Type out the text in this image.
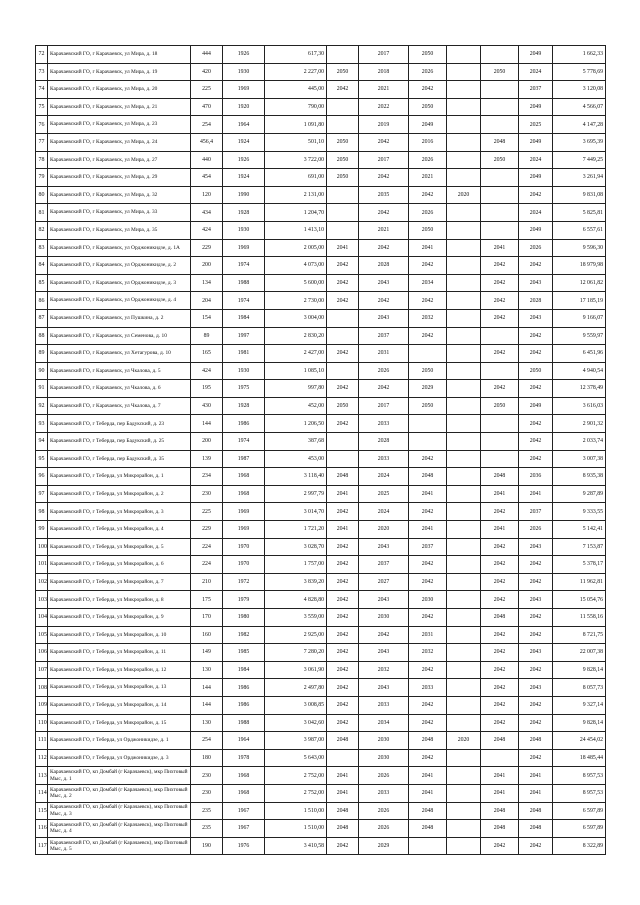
72	Карачаевский ГО, г Карачаевск, ул Мира, д. 18	444	1926	617,30		2017	2050			2049	1 662,33
73	Карачаевский ГО, г Карачаевск, ул Мира, д. 19	420	1930	2 227,00	2050	2018	2026		2050	2024	5 778,69
74	Карачаевский ГО, г Карачаевск, ул Мира, д. 20	225	1969	445,00	2042	2021	2042			2037	3 120,08
75	Карачаевский ГО, г Карачаевск, ул Мира, д. 21	470	1920	790,00		2022	2050			2049	4 566,07
76	Карачаевский ГО, г Карачаевск, ул Мира, д. 23	254	1964	1 091,80		2019	2049			2025	4 147,28
77	Карачаевский ГО, г Карачаевск, ул Мира, д. 24	456,4	1924	501,10	2050	2042	2016		2048	2049	3 695,39
78	Карачаевский ГО, г Карачаевск, ул Мира, д. 27	440	1926	3 722,00	2050	2017	2026		2050	2024	7 449,25
79	Карачаевский ГО, г Карачаевск, ул Мира, д. 29	454	1924	691,00	2050	2042	2021			2049	3 261,94
80	Карачаевский ГО, г Карачаевск, ул Мира, д. 32	120	1990	2 131,00		2035	2042	2020		2042	9 831,08
81	Карачаевский ГО, г Карачаевск, ул Мира, д. 33	434	1928	1 204,70		2042	2026			2024	5 825,81
82	Карачаевский ГО, г Карачаевск, ул Мира, д. 35	424	1930	1 413,10		2021	2050			2049	6 557,61
83	Карачаевский ГО, г Карачаевск, ул Орджоникидзе, д. 1А	229	1969	2 005,00	2041	2042	2041		2041	2026	9 596,30
84	Карачаевский ГО, г Карачаевск, ул Орджоникидзе, д. 2	200	1974	4 073,00	2042	2028	2042		2042	2042	18 979,98
85	Карачаевский ГО, г Карачаевск, ул Орджоникидзе, д. 3	134	1988	5 600,00	2042	2043	2034		2042	2043	12 061,82
86	Карачаевский ГО, г Карачаевск, ул Орджоникидзе, д. 4	204	1974	2 730,00	2042	2042	2042		2042	2028	17 185,19
87	Карачаевский ГО, г Карачаевск, ул Пушкина, д. 2	154	1984	3 004,00		2043	2032		2042	2043	9 166,07
88	Карачаевский ГО, г Карачаевск, ул Семенова, д. 10	89	1997	2 830,20		2037	2042			2042	9 559,97
89	Карачаевский ГО, г Карачаевск, ул Хетагурова, д. 10	165	1981	2 427,00	2042	2031			2042	2042	6 451,96
90	Карачаевский ГО, г Карачаевск, ул Чкалова, д. 5	424	1930	1 085,10		2026	2050			2050	4 940,54
91	Карачаевский ГО, г Карачаевск, ул Чкалова, д. 6	195	1975	997,80	2042	2042	2029		2042	2042	12 378,49
92	Карачаевский ГО, г Карачаевск, ул Чкалова, д. 7	430	1928	452,00	2050	2017	2050		2050	2049	3 616,03
93	Карачаевский ГО, г Теберда, пер Бадукский, д. 23	144	1986	1 206,50	2042	2033				2042	2 901,32
94	Карачаевский ГО, г Теберда, пер Бадукский, д. 25	200	1974	387,68		2028				2042	2 033,74
95	Карачаевский ГО, г Теберда, пер Бадукский, д. 35	139	1987	453,00		2033	2042			2042	3 007,38
96	Карачаевский ГО, г Теберда, ул Микрорайон, д. 1	234	1968	3 118,40	2048	2024	2048		2048	2036	8 935,38
97	Карачаевский ГО, г Теберда, ул Микрорайон, д. 2	230	1968	2 997,79	2041	2025	2041		2041	2041	9 287,89
98	Карачаевский ГО, г Теберда, ул Микрорайон, д. 3	225	1969	3 014,70	2042	2024	2042		2042	2037	9 333,55
99	Карачаевский ГО, г Теберда, ул Микрорайон, д. 4	229	1969	1 721,20	2041	2020	2041		2041	2026	5 142,41
100	Карачаевский ГО, г Теберда, ул Микрорайон, д. 5	224	1970	3 028,70	2042	2043	2037		2042	2043	7 153,87
101	Карачаевский ГО, г Теберда, ул Микрорайон, д. 6	224	1970	1 757,00	2042	2037	2042		2042	2042	5 378,17
102	Карачаевский ГО, г Теберда, ул Микрорайон, д. 7	210	1972	3 839,20	2042	2027	2042		2042	2042	11 962,81
103	Карачаевский ГО, г Теберда, ул Микрорайон, д. 8	175	1979	4 828,80	2042	2043	2030		2042	2043	15 054,76
104	Карачаевский ГО, г Теберда, ул Микрорайон, д. 9	170	1980	3 559,00	2042	2030	2042		2048	2042	11 558,16
105	Карачаевский ГО, г Теберда, ул Микрорайон, д. 10	160	1982	2 925,00	2042	2042	2031		2042	2042	8 721,75
106	Карачаевский ГО, г Теберда, ул Микрорайон, д. 11	149	1985	7 280,20	2042	2043	2032		2042	2043	22 007,38
107	Карачаевский ГО, г Теберда, ул Микрорайон, д. 12	130	1984	3 061,90	2042	2032	2042		2042	2042	9 828,14
108	Карачаевский ГО, г Теберда, ул Микрорайон, д. 13	144	1986	2 497,80	2042	2043	2033		2042	2043	8 057,73
109	Карачаевский ГО, г Теберда, ул Микрорайон, д. 14	144	1986	3 008,85	2042	2033	2042		2042	2042	9 327,14
110	Карачаевский ГО, г Теберда, ул Микрорайон, д. 15	130	1988	3 042,60	2042	2034	2042		2042	2042	9 828,14
111	Карачаевский ГО, г Теберда, ул Орджоникидзе, д. 1	254	1964	3 987,00	2048	2030	2048	2020	2048	2048	24 454,02
112	Карачаевский ГО, г Теберда, ул Орджоникидзе, д. 3	180	1978	5 643,00		2030	2042			2042	18 485,44
113	Карачаевский ГО, кп Домбай (г Карачаевск), мкр Пихтовый Мыс, д. 1	230	1968	2 752,00	2041	2026	2041		2041	2041	8 957,53
114	Карачаевский ГО, кп Домбай (г Карачаевск), мкр Пихтовый Мыс, д. 2	230	1968	2 752,00	2041	2033	2041		2041	2041	8 957,53
115	Карачаевский ГО, кп Домбай (г Карачаевск), мкр Пихтовый Мыс, д. 3	235	1967	1 510,00	2048	2026	2048		2048	2048	6 597,89
116	Карачаевский ГО, кп Домбай (г Карачаевск), мкр Пихтовый Мыс, д. 4	235	1967	1 510,00	2048	2026	2048		2048	2048	6 597,89
117	Карачаевский ГО, кп Домбай (г Карачаевск), мкр Пихтовый Мыс, д. 5	190	1976	3 410,58	2042	2029			2042	2042	8 322,89
